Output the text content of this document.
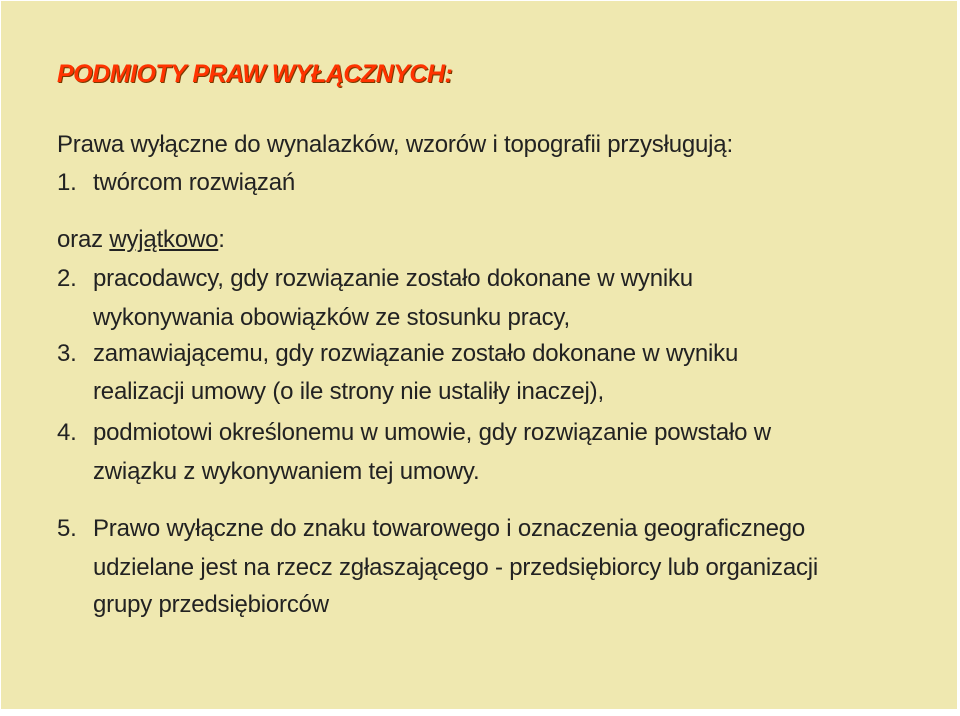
PODMIOTY PRAW WYŁĄCZNYCH:
Prawa wyłączne do wynalazków, wzorów i topografii przysługują:
1. twórcom rozwiązań
oraz wyjątkowo:
2. pracodawcy, gdy rozwiązanie zostało dokonane w wyniku
wykonywania obowiązków ze stosunku pracy,
3. zamawiającemu, gdy rozwiązanie zostało dokonane w wyniku
realizacji umowy (o ile strony nie ustaliły inaczej),
4. podmiotowi określonemu w umowie, gdy rozwiązanie powstało w
związku z wykonywaniem tej umowy.
5. Prawo wyłączne do znaku towarowego i oznaczenia geograficznego
udzielane jest na rzecz zgłaszającego - przedsiębiorcy lub organizacji
grupy przedsiębiorców
